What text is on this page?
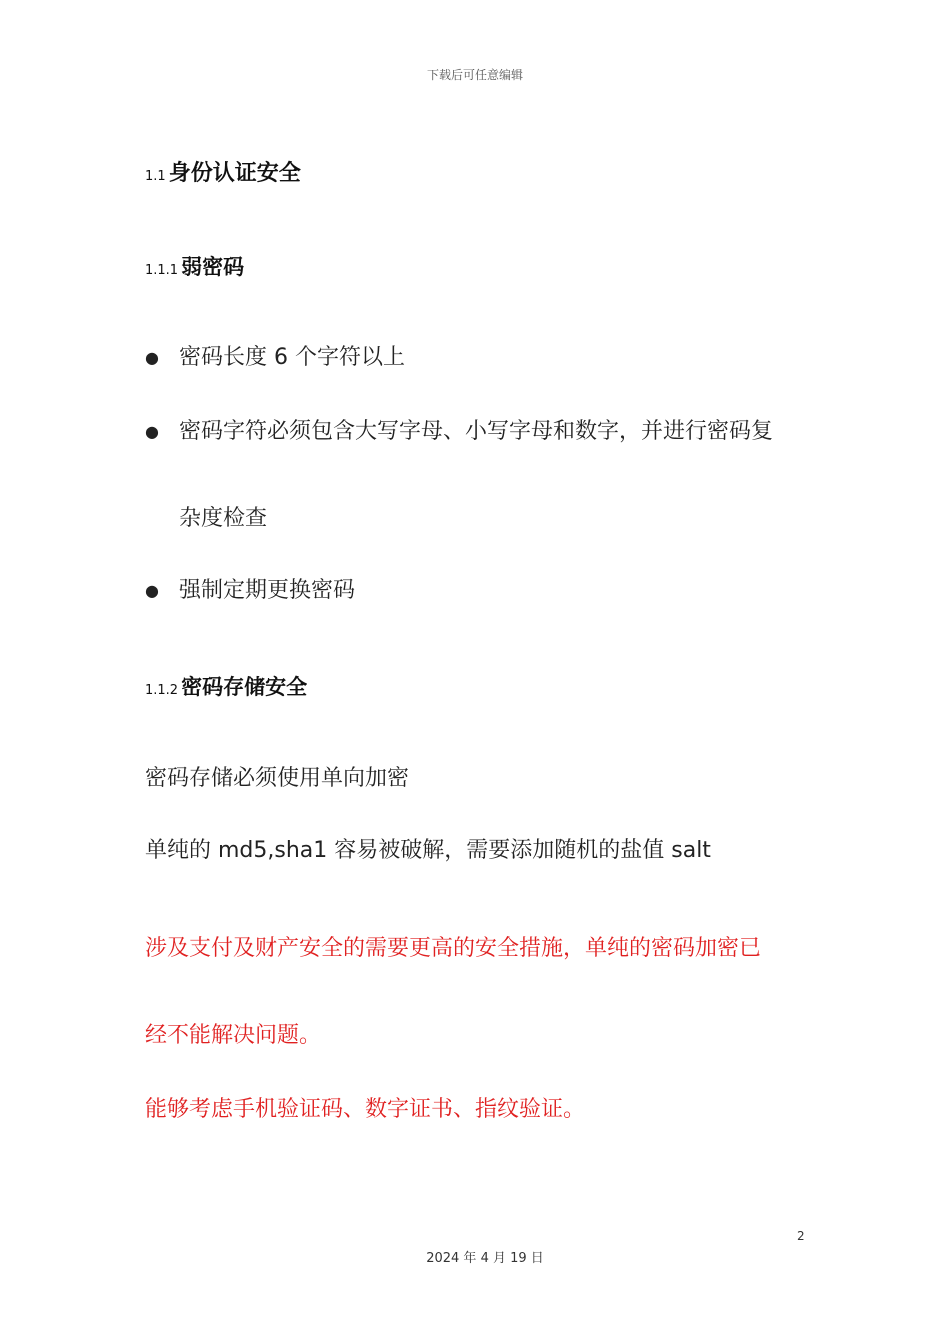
下载后可任意编辑
1.1 身份认证安全
1.1.1 弱密码
● 密码长度 6 个字符以上
● 密码字符必须包含大写字母、小写字母和数字，并进行密码复
杂度检查
● 强制定期更换密码
1.1.2 密码存储安全
密码存储必须使用单向加密
单纯的 md5,sha1 容易被破解，需要添加随机的盐值 salt
涉及支付及财产安全的需要更高的安全措施，单纯的密码加密已
经不能解决问题。
能够考虑手机验证码、数字证书、指纹验证。
2
2024 年 4 月 19 日
